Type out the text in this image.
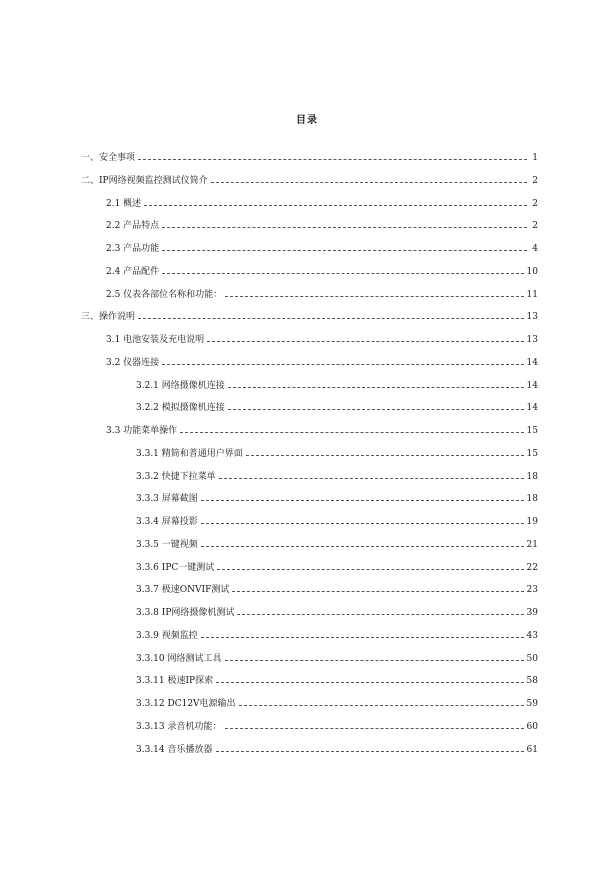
目录
一、安全事项	1
二、IP网络视频监控测试仪简介	2
2.1 概述	2
2.2 产品特点	2
2.3 产品功能	4
2.4 产品配件	10
2.5 仪表各部位名称和功能：	11
三、操作说明	13
3.1 电池安装及充电说明	13
3.2 仪器连接	14
3.2.1 网络摄像机连接	14
3.2.2 模拟摄像机连接	14
3.3 功能菜单操作	15
3.3.1 精简和普通用户界面	15
3.3.2 快捷下拉菜单	18
3.3.3 屏幕截图	18
3.3.4 屏幕投影	19
3.3.5 一键视频	21
3.3.6 IPC一键测试	22
3.3.7 极速ONVIF测试	23
3.3.8 IP网络摄像机测试	39
3.3.9 视频监控	43
3.3.10 网络测试工具	50
3.3.11 极速IP探索	58
3.3.12 DC12V电源输出	59
3.3.13 录音机功能：	60
3.3.14 音乐播放器	61
